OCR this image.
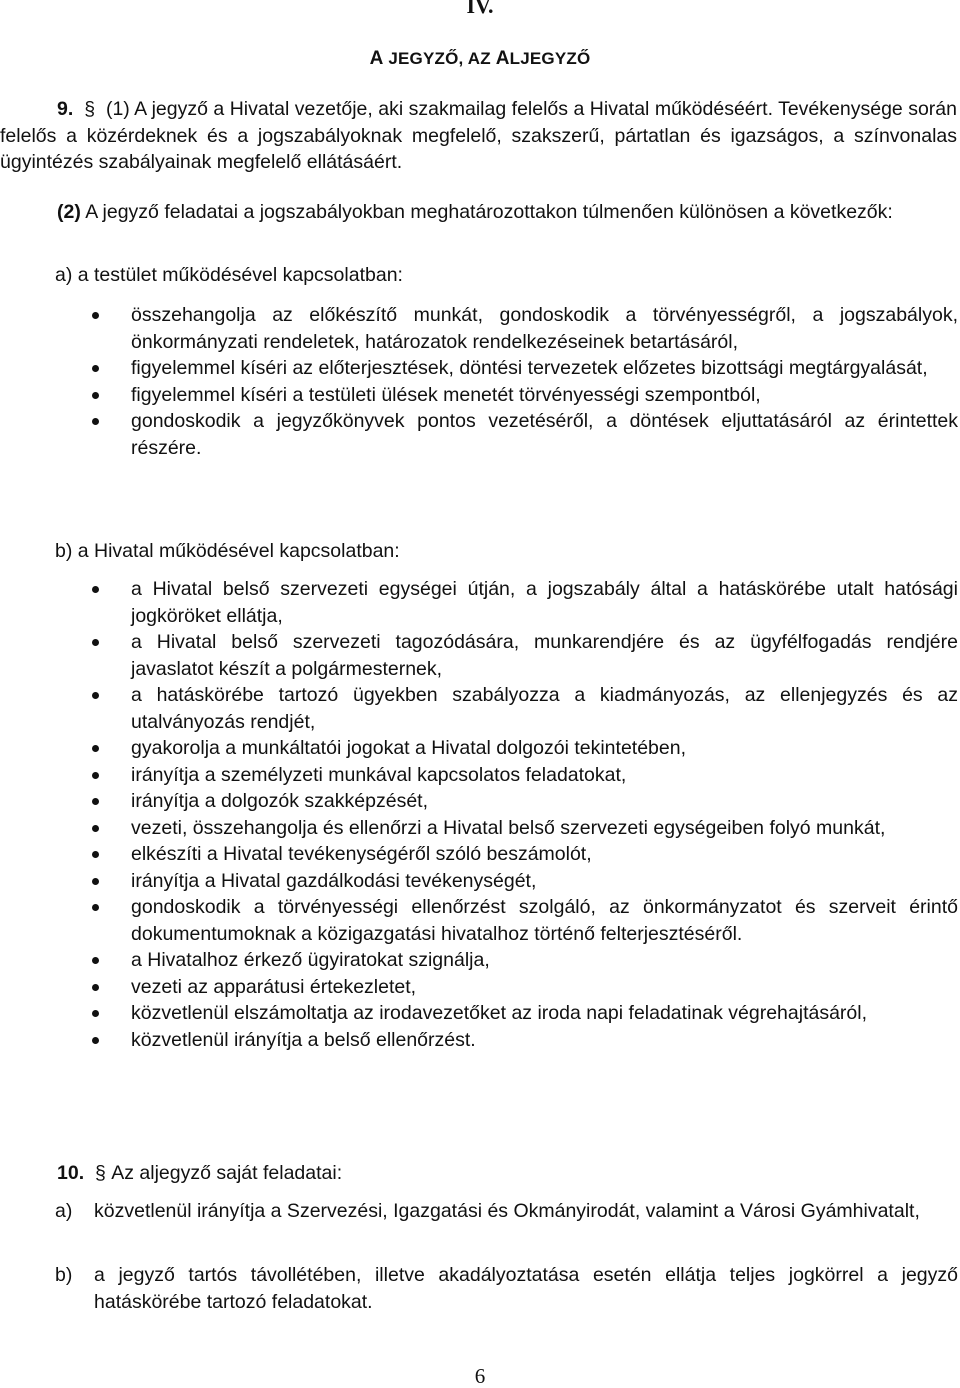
IV.
A JEGYZŐ, AZ ALJEGYZŐ
9. § (1) A jegyző a Hivatal vezetője, aki szakmailag felelős a Hivatal működéséért. Tevékenysége során felelős a közérdeknek és a jogszabályoknak megfelelő, szakszerű, pártatlan és igazságos, a színvonalas ügyintézés szabályainak megfelelő ellátásáért.
(2) A jegyző feladatai a jogszabályokban meghatározottakon túlmenően különösen a következők:
a) a testület működésével kapcsolatban:
összehangolja az előkészítő munkát, gondoskodik a törvényességről, a jogszabályok, önkormányzati rendeletek, határozatok rendelkezéseinek betartásáról,
figyelemmel kíséri az előterjesztések, döntési tervezetek előzetes bizottsági megtárgyalását,
figyelemmel kíséri a testületi ülések menetét törvényességi szempontból,
gondoskodik a jegyzőkönyvek pontos vezetéséről, a döntések eljuttatásáról az érintettek részére.
b) a Hivatal működésével kapcsolatban:
a Hivatal belső szervezeti egységei útján, a jogszabály által a hatáskörébe utalt hatósági jogköröket ellátja,
a Hivatal belső szervezeti tagozódására, munkarendjére és az ügyfélfogadás rendjére javaslatot készít a polgármesternek,
a hatáskörébe tartozó ügyekben szabályozza a kiadmányozás, az ellenjegyzés és az utalványozás rendjét,
gyakorolja a munkáltatói jogokat a Hivatal dolgozói tekintetében,
irányítja a személyzeti munkával kapcsolatos feladatokat,
irányítja a dolgozók szakképzését,
vezeti, összehangolja és ellenőrzi a Hivatal belső szervezeti egységeiben folyó munkát,
elkészíti a Hivatal tevékenységéről szóló beszámolót,
irányítja a Hivatal gazdálkodási tevékenységét,
gondoskodik a törvényességi ellenőrzést szolgáló, az önkormányzatot és szerveit érintő dokumentumoknak a közigazgatási hivatalhoz történő felterjesztéséről.
a Hivatalhoz érkező ügyiratokat szignálja,
vezeti az apparátusi értekezletet,
közvetlenül elszámoltatja az irodavezetőket az iroda napi feladatinak végrehajtásáról,
közvetlenül irányítja a belső ellenőrzést.
10. § Az aljegyző saját feladatai:
a) közvetlenül irányítja a Szervezési, Igazgatási és Okmányirodát, valamint a Városi Gyámhivatalt,
b) a jegyző tartós távollétében, illetve akadályoztatása esetén ellátja teljes jogkörrel a jegyző hatáskörébe tartozó feladatokat.
6
